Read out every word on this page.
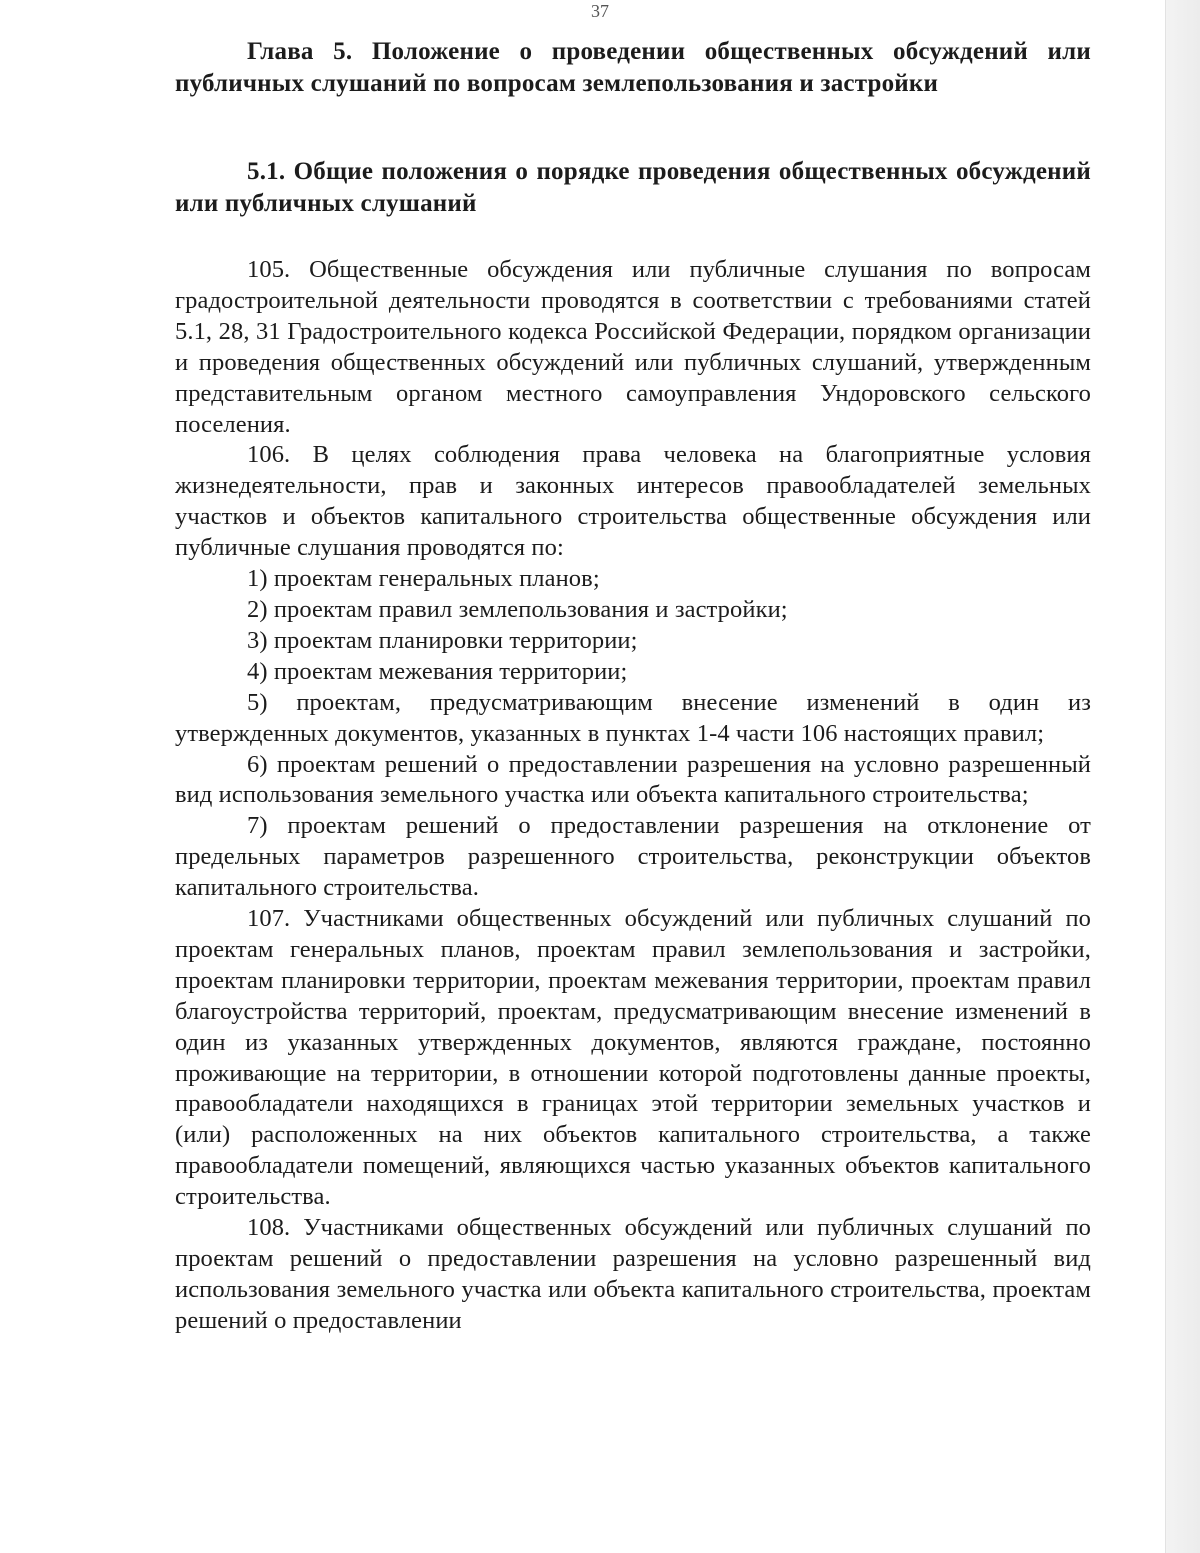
37
Глава 5. Положение о проведении общественных обсуждений или публичных слушаний по вопросам землепользования и застройки
5.1. Общие положения о порядке проведения общественных обсуждений или публичных слушаний

105. Общественные обсуждения или публичные слушания по вопросам градостроительной деятельности проводятся в соответствии с требованиями статей 5.1, 28, 31 Градостроительного кодекса Российской Федерации, порядком организации и проведения общественных обсуждений или публичных слушаний, утвержденным представительным органом местного самоуправления Ундоровского сельского поселения.

106. В целях соблюдения права человека на благоприятные условия жизнедеятельности, прав и законных интересов правообладателей земельных участков и объектов капитального строительства общественные обсуждения или публичные слушания проводятся по:

1) проектам генеральных планов;

2) проектам правил землепользования и застройки;

3) проектам планировки территории;

4) проектам межевания территории;

5) проектам, предусматривающим внесение изменений в один из утвержденных документов, указанных в пунктах 1-4 части 106 настоящих правил;

6) проектам решений о предоставлении разрешения на условно разрешенный вид использования земельного участка или объекта капитального строительства;

7) проектам решений о предоставлении разрешения на отклонение от предельных параметров разрешенного строительства, реконструкции объектов капитального строительства.

107. Участниками общественных обсуждений или публичных слушаний по проектам генеральных планов, проектам правил землепользования и застройки, проектам планировки территории, проектам межевания территории, проектам правил благоустройства территорий, проектам, предусматривающим внесение изменений в один из указанных утвержденных документов, являются граждане, постоянно проживающие на территории, в отношении которой подготовлены данные проекты, правообладатели находящихся в границах этой территории земельных участков и (или) расположенных на них объектов капитального строительства, а также правообладатели помещений, являющихся частью указанных объектов капитального строительства.

108. Участниками общественных обсуждений или публичных слушаний по проектам решений о предоставлении разрешения на условно разрешенный вид использования земельного участка или объекта капитального строительства, проектам решений о предоставлении
